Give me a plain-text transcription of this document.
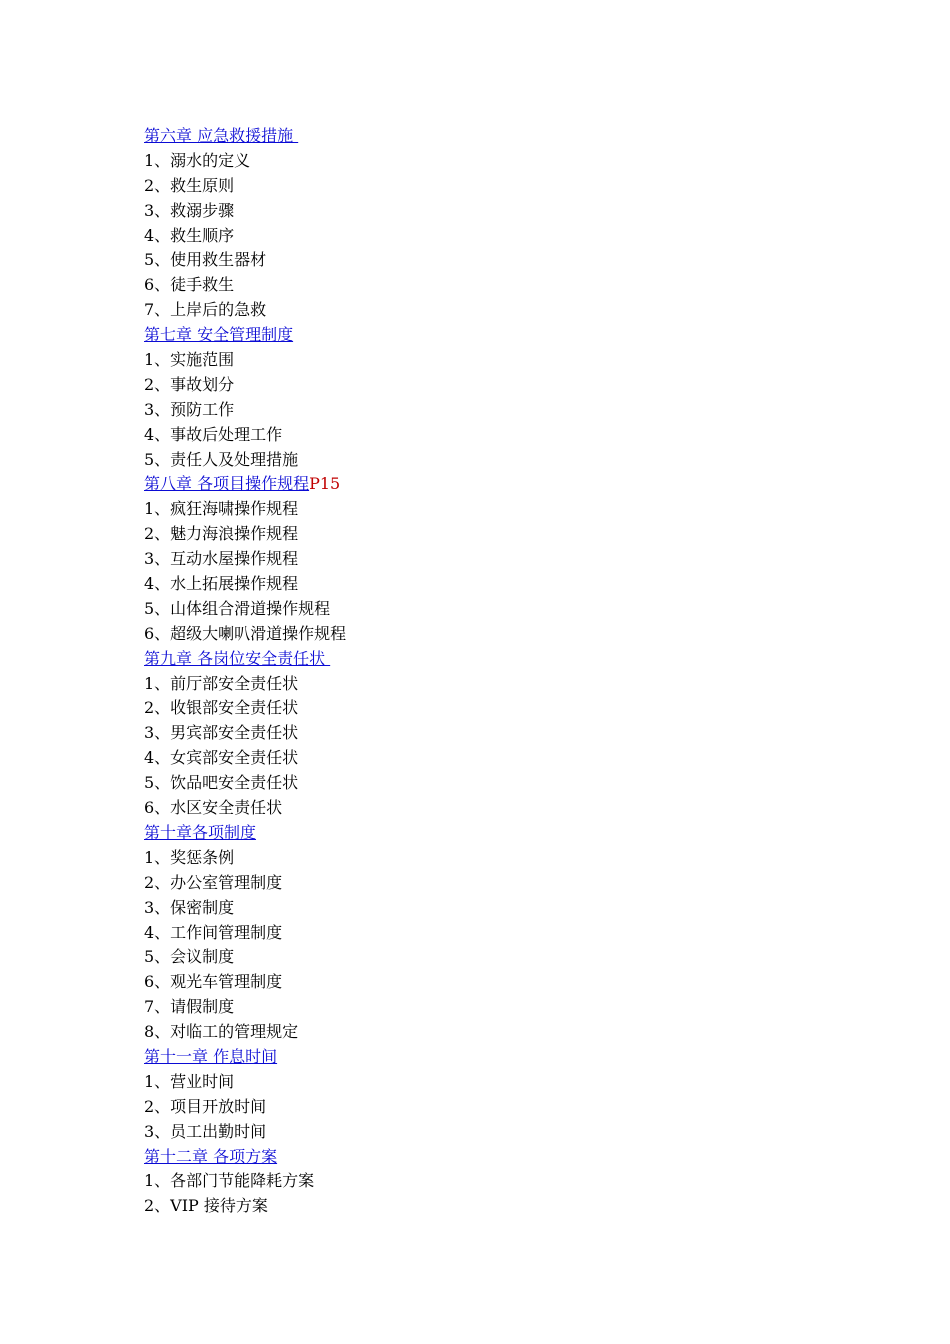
第六章 应急救援措施
1、溺水的定义
2、救生原则
3、救溺步骤
4、救生顺序
5、使用救生器材
6、徒手救生
7、上岸后的急救
第七章 安全管理制度
1、实施范围
2、事故划分
3、预防工作
4、事故后处理工作
5、责任人及处理措施
第八章 各项目操作规程P15
1、疯狂海啸操作规程
2、魅力海浪操作规程
3、互动水屋操作规程
4、水上拓展操作规程
5、山体组合滑道操作规程
6、超级大喇叭滑道操作规程
第九章 各岗位安全责任状
1、前厅部安全责任状
2、收银部安全责任状
3、男宾部安全责任状
4、女宾部安全责任状
5、饮品吧安全责任状
6、水区安全责任状
第十章各项制度
1、奖惩条例
2、办公室管理制度
3、保密制度
4、工作间管理制度
5、会议制度
6、观光车管理制度
7、请假制度
8、对临工的管理规定
第十一章 作息时间
1、营业时间
2、项目开放时间
3、员工出勤时间
第十二章 各项方案
1、各部门节能降耗方案
2、VIP 接待方案
